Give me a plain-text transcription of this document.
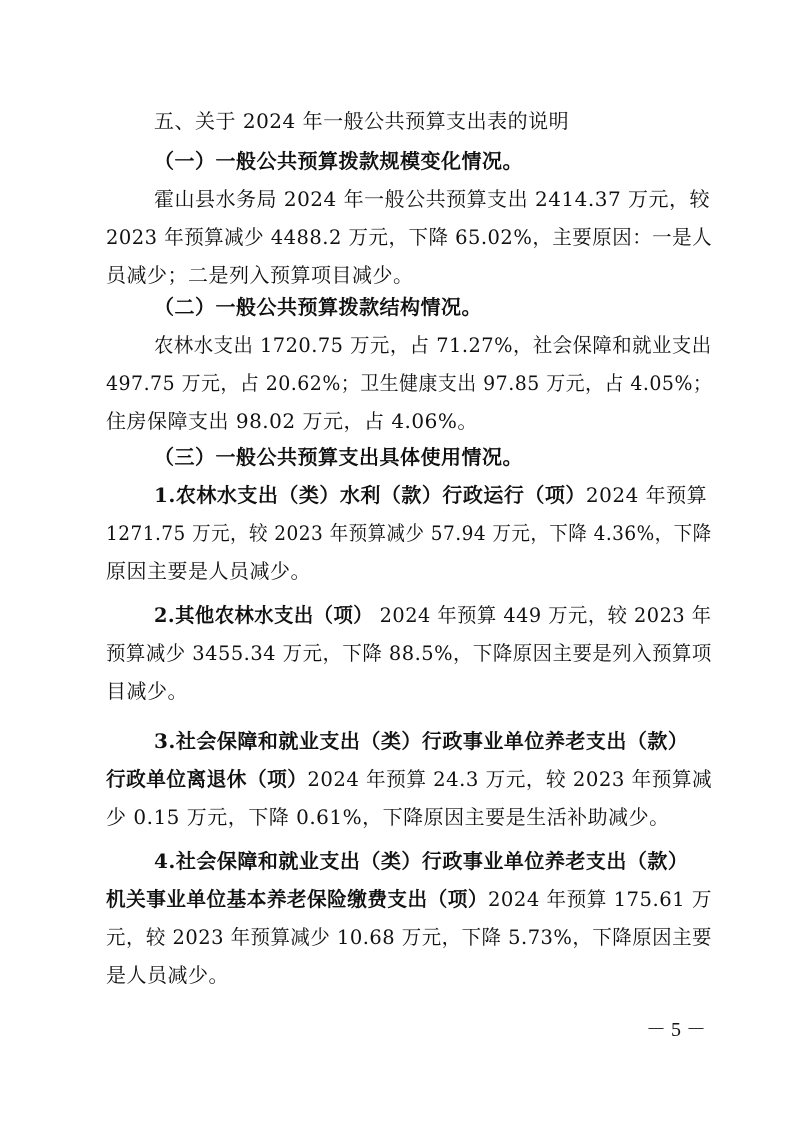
五、关于 2024 年一般公共预算支出表的说明
（一）一般公共预算拨款规模变化情况。
霍山县水务局 2024 年一般公共预算支出 2414.37 万元，较
2023 年预算减少 4488.2 万元，下降 65.02%，主要原因：一是人
员减少；二是列入预算项目减少。
（二）一般公共预算拨款结构情况。
农林水支出 1720.75 万元，占 71.27%，社会保障和就业支出
497.75 万元，占 20.62%；卫生健康支出 97.85 万元，占 4.05%；
住房保障支出 98.02 万元，占 4.06%。
（三）一般公共预算支出具体使用情况。
1.农林水支出（类）水利（款）行政运行（项）2024 年预算
1271.75 万元，较 2023 年预算减少 57.94 万元，下降 4.36%，下降
原因主要是人员减少。
2.其他农林水支出（项） 2024 年预算 449 万元，较 2023 年
预算减少 3455.34 万元，下降 88.5%，下降原因主要是列入预算项
目减少。
3.社会保障和就业支出（类）行政事业单位养老支出（款）
行政单位离退休（项）2024 年预算 24.3 万元，较 2023 年预算减
少 0.15 万元，下降 0.61%，下降原因主要是生活补助减少。
4.社会保障和就业支出（类）行政事业单位养老支出（款）
机关事业单位基本养老保险缴费支出（项）2024 年预算 175.61 万
元，较 2023 年预算减少 10.68 万元，下降 5.73%，下降原因主要
是人员减少。
－ 5 －
